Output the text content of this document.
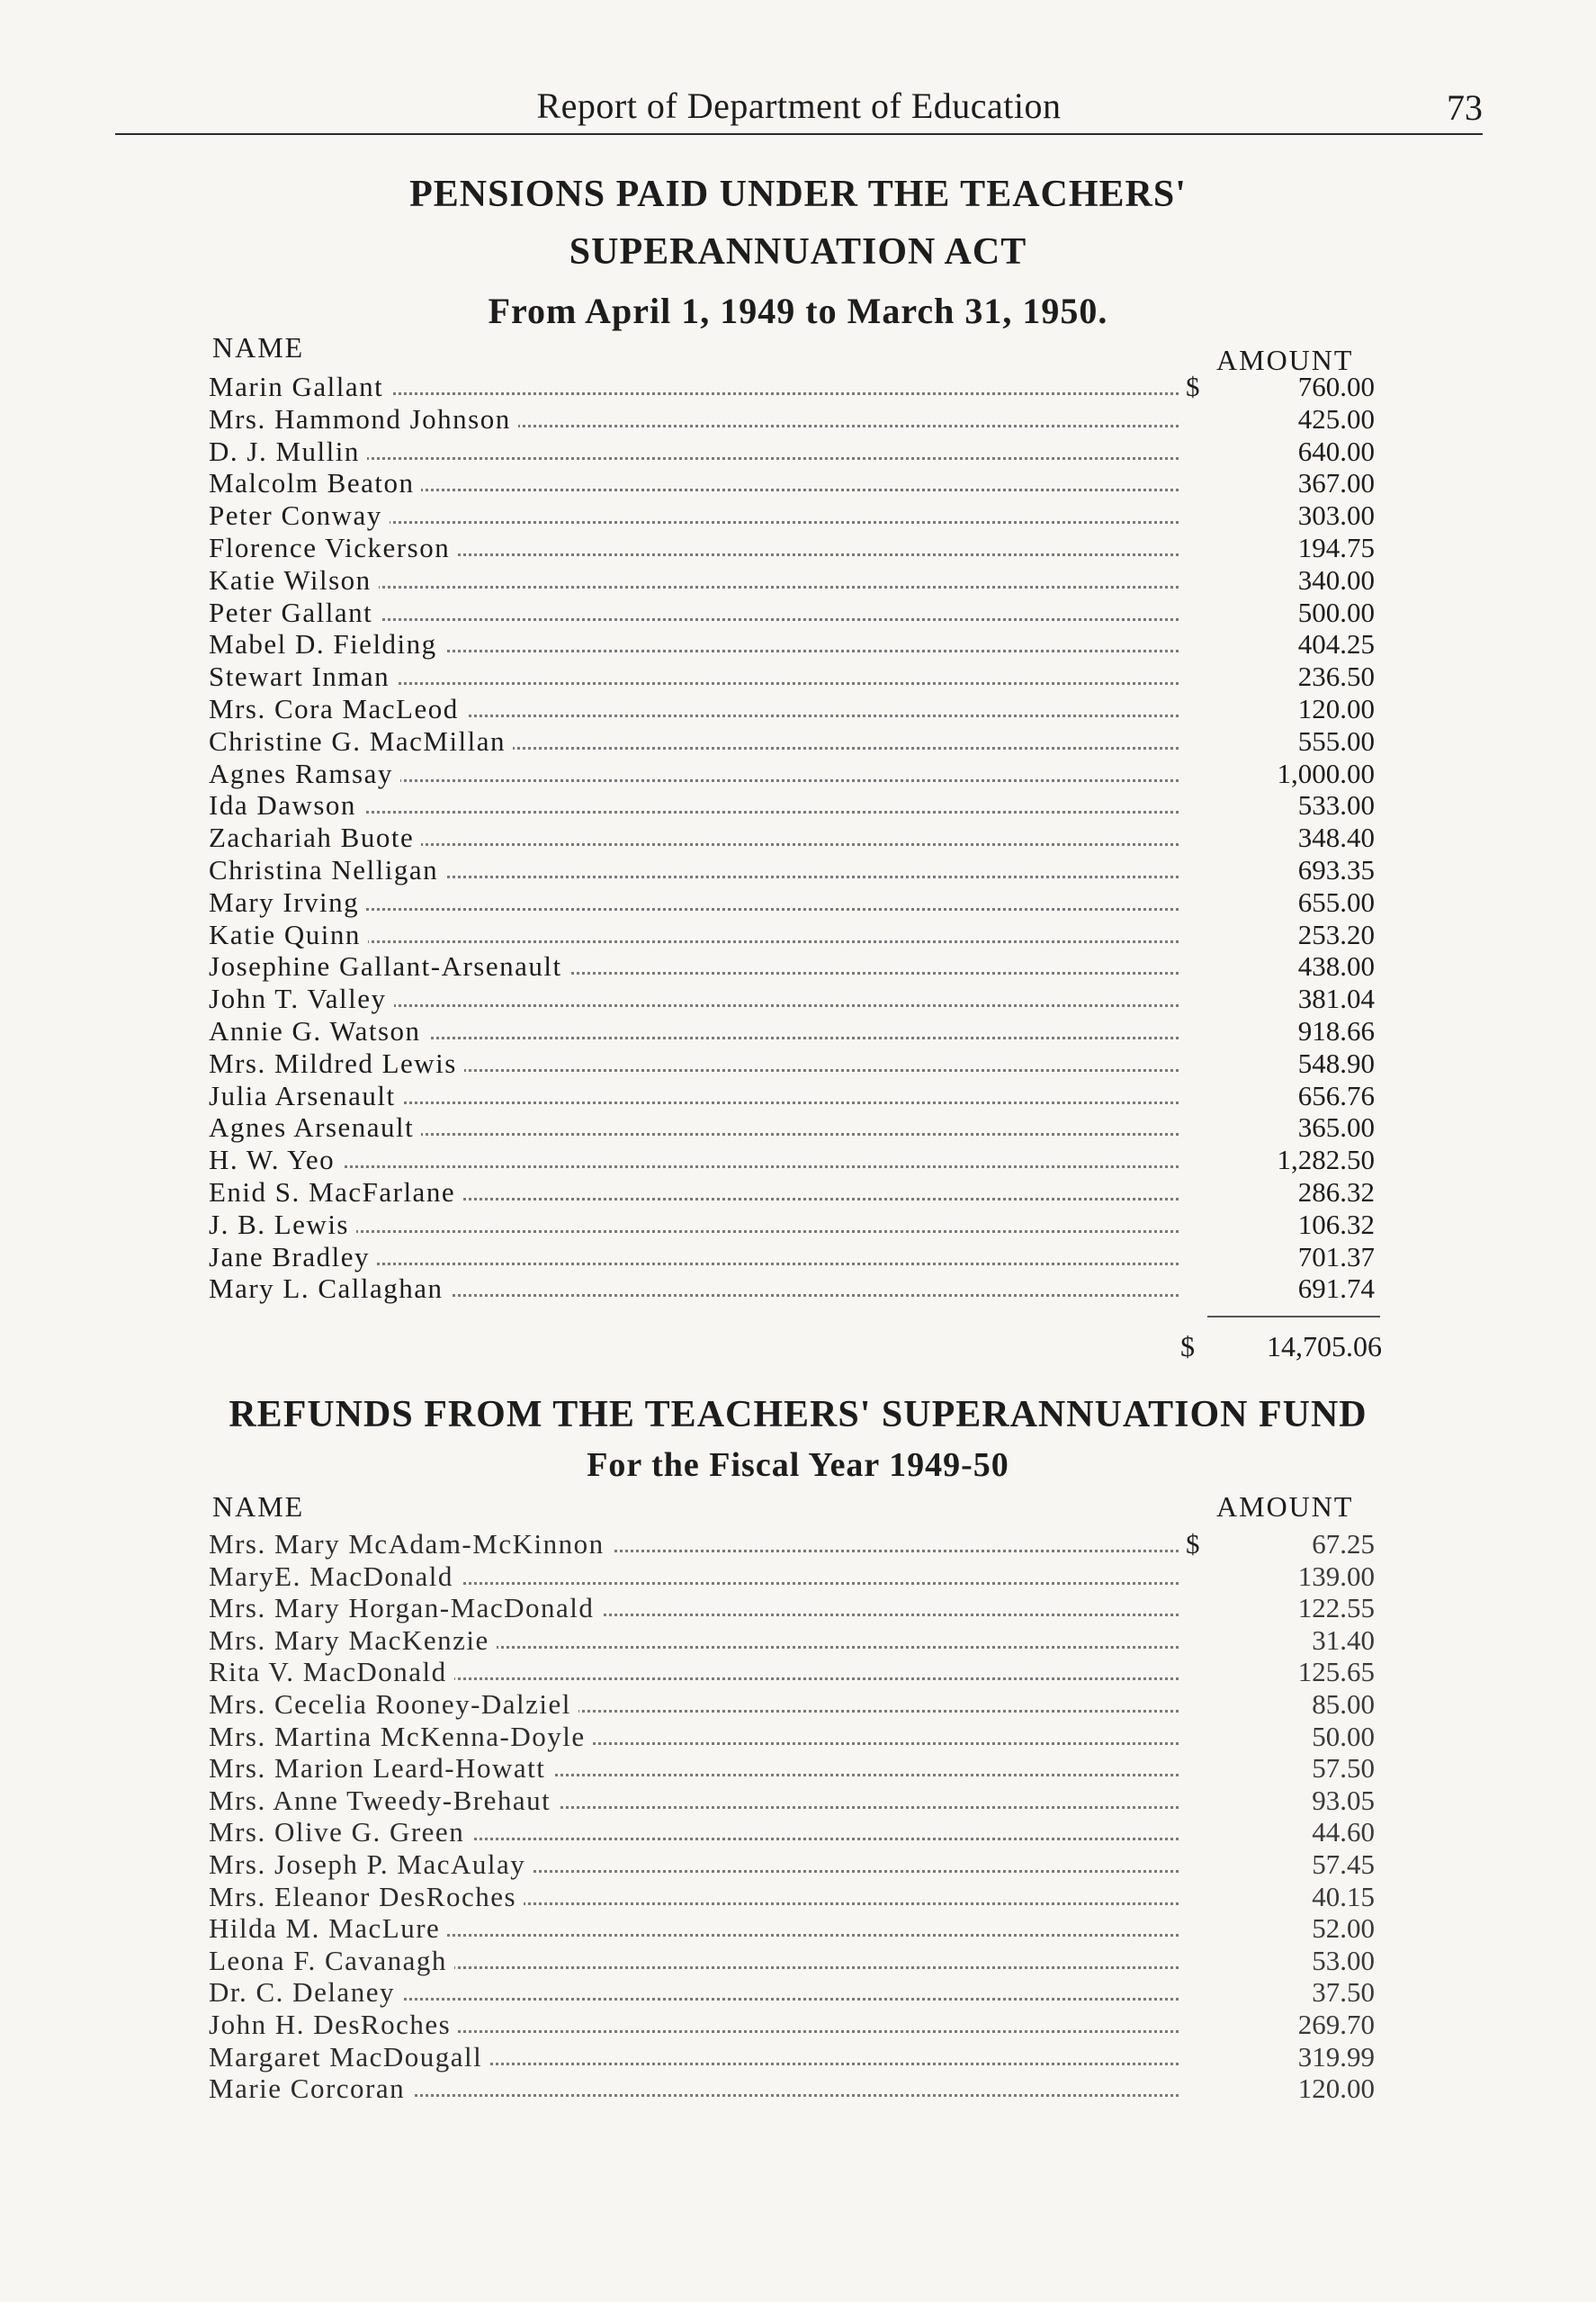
Report of Department of Education	73
PENSIONS PAID UNDER THE TEACHERS'
SUPERANNUATION ACT
From April 1, 1949 to March 31, 1950.
NAME	AMOUNT
Marin Gallant	$	760.00
Mrs. Hammond Johnson	425.00
D. J. Mullin	640.00
Malcolm Beaton	367.00
Peter Conway	303.00
Florence Vickerson	194.75
Katie Wilson	340.00
Peter Gallant	500.00
Mabel D. Fielding	404.25
Stewart Inman	236.50
Mrs. Cora MacLeod	120.00
Christine G. MacMillan	555.00
Agnes Ramsay	1,000.00
Ida Dawson	533.00
Zachariah Buote	348.40
Christina Nelligan	693.35
Mary Irving	655.00
Katie Quinn	253.20
Josephine Gallant-Arsenault	438.00
John T. Valley	381.04
Annie G. Watson	918.66
Mrs. Mildred Lewis	548.90
Julia Arsenault	656.76
Agnes Arsenault	365.00
H. W. Yeo	1,282.50
Enid S. MacFarlane	286.32
J. B. Lewis	106.32
Jane Bradley	701.37
Mary L. Callaghan	691.74
$	14,705.06
REFUNDS FROM THE TEACHERS' SUPERANNUATION FUND
For the Fiscal Year 1949-50
NAME	AMOUNT
Mrs. Mary McAdam-McKinnon	$	67.25
MaryE. MacDonald	139.00
Mrs. Mary Horgan-MacDonald	122.55
Mrs. Mary MacKenzie	31.40
Rita V. MacDonald	125.65
Mrs. Cecelia Rooney-Dalziel	85.00
Mrs. Martina McKenna-Doyle	50.00
Mrs. Marion Leard-Howatt	57.50
Mrs. Anne Tweedy-Brehaut	93.05
Mrs. Olive G. Green	44.60
Mrs. Joseph P. MacAulay	57.45
Mrs. Eleanor DesRoches	40.15
Hilda M. MacLure	52.00
Leona F. Cavanagh	53.00
Dr. C. Delaney	37.50
John H. DesRoches	269.70
Margaret MacDougall	319.99
Marie Corcoran	120.00
